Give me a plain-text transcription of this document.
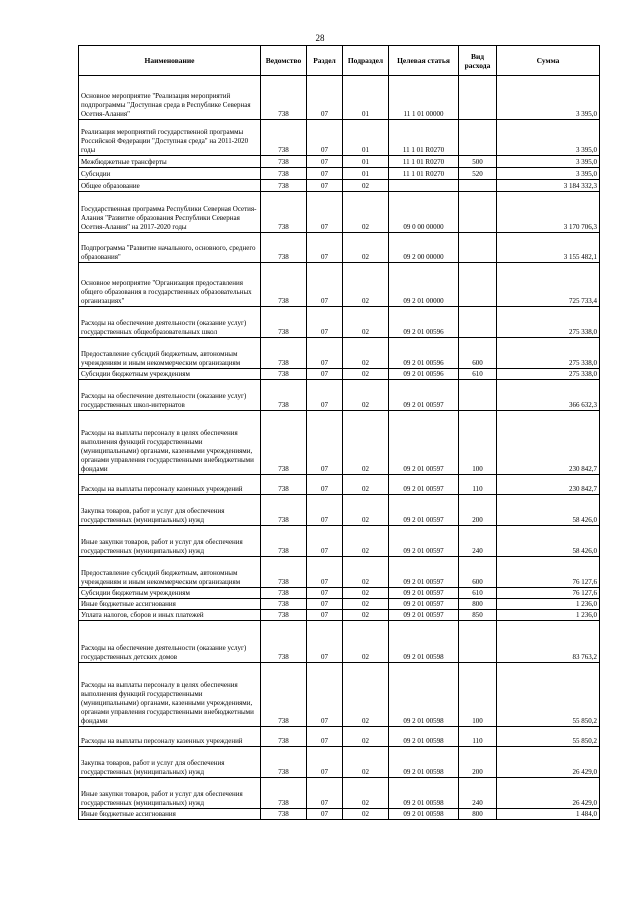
28
Наименование	Ведомство	Раздел	Подраздел	Целевая статья	Вид расхода	Сумма
Основное мероприятие "Реализация мероприятий подпрограммы "Доступная среда в Республике Северная Осетия-Алания"	738	07	01	11 1 01 00000		3 395,0
Реализация мероприятий государственной программы Российской Федерации "Доступная среда" на 2011-2020 годы	738	07	01	11 1 01 R0270		3 395,0
Межбюджетные трансферты	738	07	01	11 1 01 R0270	500	3 395,0
Субсидии	738	07	01	11 1 01 R0270	520	3 395,0
Общее образование	738	07	02			3 184 332,3
Государственная программа Республики Северная Осетия-Алания "Развитие образования Республики Северная Осетия-Алания" на 2017-2020 годы	738	07	02	09 0 00 00000		3 170 706,3
Подпрограмма "Развитие начального, основного, среднего образования"	738	07	02	09 2 00 00000		3 155 482,1
Основное мероприятие "Организация предоставления общего образования в государственных образовательных организациях"	738	07	02	09 2 01 00000		725 733,4
Расходы на обеспечение деятельности (оказание услуг) государственных общеобразовательных школ	738	07	02	09 2 01 00596		275 338,0
Предоставление субсидий бюджетным, автономным учреждениям и иным некоммерческим организациям	738	07	02	09 2 01 00596	600	275 338,0
Субсидии бюджетным учреждениям	738	07	02	09 2 01 00596	610	275 338,0
Расходы на обеспечение деятельности (оказание услуг) государственных школ-интернатов	738	07	02	09 2 01 00597		366 632,3
Расходы на выплаты персоналу в целях обеспечения выполнения функций государственными (муниципальными) органами, казенными учреждениями, органами управления государственными внебюджетными фондами	738	07	02	09 2 01 00597	100	230 842,7
Расходы на выплаты персоналу казенных учреждений	738	07	02	09 2 01 00597	110	230 842,7
Закупка товаров, работ и услуг для обеспечения государственных (муниципальных) нужд	738	07	02	09 2 01 00597	200	58 426,0
Иные закупки товаров, работ и услуг для обеспечения государственных (муниципальных) нужд	738	07	02	09 2 01 00597	240	58 426,0
Предоставление субсидий бюджетным, автономным учреждениям и иным некоммерческим организациям	738	07	02	09 2 01 00597	600	76 127,6
Субсидии бюджетным учреждениям	738	07	02	09 2 01 00597	610	76 127,6
Иные бюджетные ассигнования	738	07	02	09 2 01 00597	800	1 236,0
Уплата налогов, сборов и иных платежей	738	07	02	09 2 01 00597	850	1 236,0
Расходы на обеспечение деятельности (оказание услуг) государственных детских домов	738	07	02	09 2 01 00598		83 763,2
Расходы на выплаты персоналу в целях обеспечения выполнения функций государственными (муниципальными) органами, казенными учреждениями, органами управления государственными внебюджетными фондами	738	07	02	09 2 01 00598	100	55 850,2
Расходы на выплаты персоналу казенных учреждений	738	07	02	09 2 01 00598	110	55 850,2
Закупка товаров, работ и услуг для обеспечения государственных (муниципальных) нужд	738	07	02	09 2 01 00598	200	26 429,0
Иные закупки товаров, работ и услуг для обеспечения государственных (муниципальных) нужд	738	07	02	09 2 01 00598	240	26 429,0
Иные бюджетные ассигнования	738	07	02	09 2 01 00598	800	1 484,0
